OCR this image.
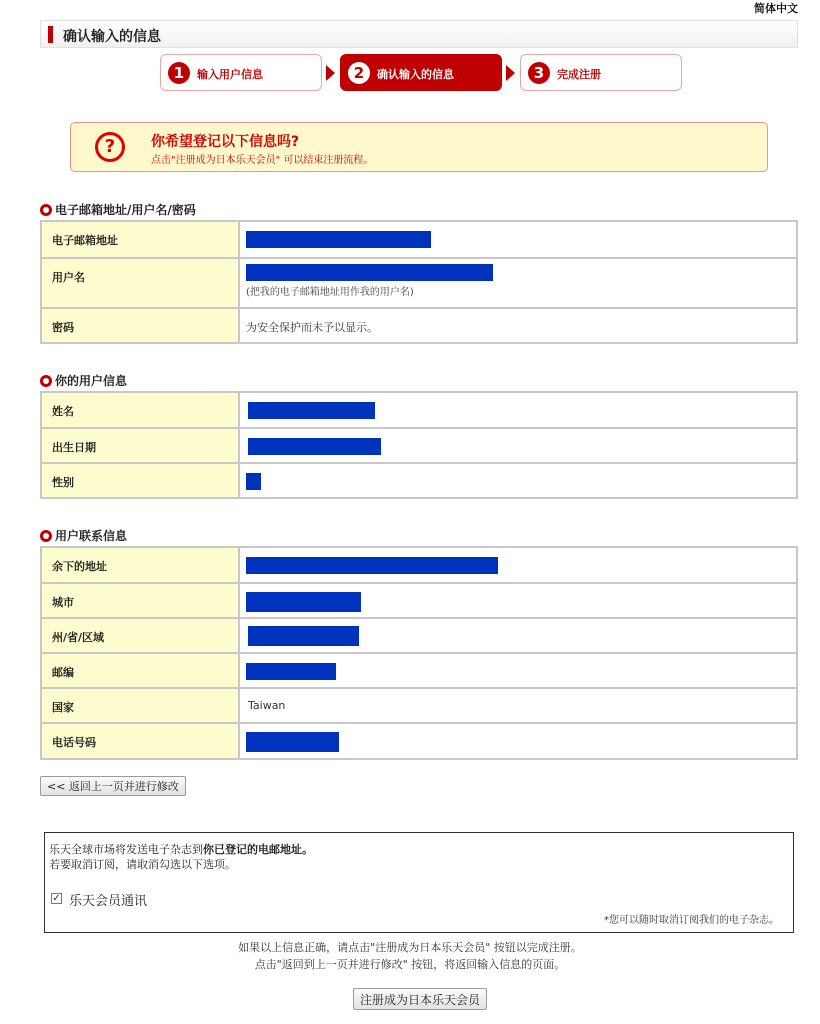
简体中文
确认输入的信息
1	输入用户信息	2	确认输入的信息	3	完成注册
?	你希望登记以下信息吗?
点击"注册成为日本乐天会员" 可以结束注册流程。
电子邮箱地址/用户名/密码
电子邮箱地址	

用户名	(把我的电子邮箱地址用作我的用户名)

密码	为安全保护而未予以显示。
你的用户信息
姓名	

出生日期	

性别	
用户联系信息
余下的地址	

城市	

州/省/区域	

邮编	

国家	Taiwan

电话号码	
<< 返回上一页并进行修改
乐天全球市场将发送电子杂志到你已登记的电邮地址。
若要取消订阅，请取消勾选以下选项。
✓ 乐天会员通讯
*您可以随时取消订阅我们的电子杂志。
如果以上信息正确，请点击"注册成为日本乐天会员" 按钮以完成注册。
点击"返回到上一页并进行修改" 按钮，将返回输入信息的页面。
注册成为日本乐天会员
